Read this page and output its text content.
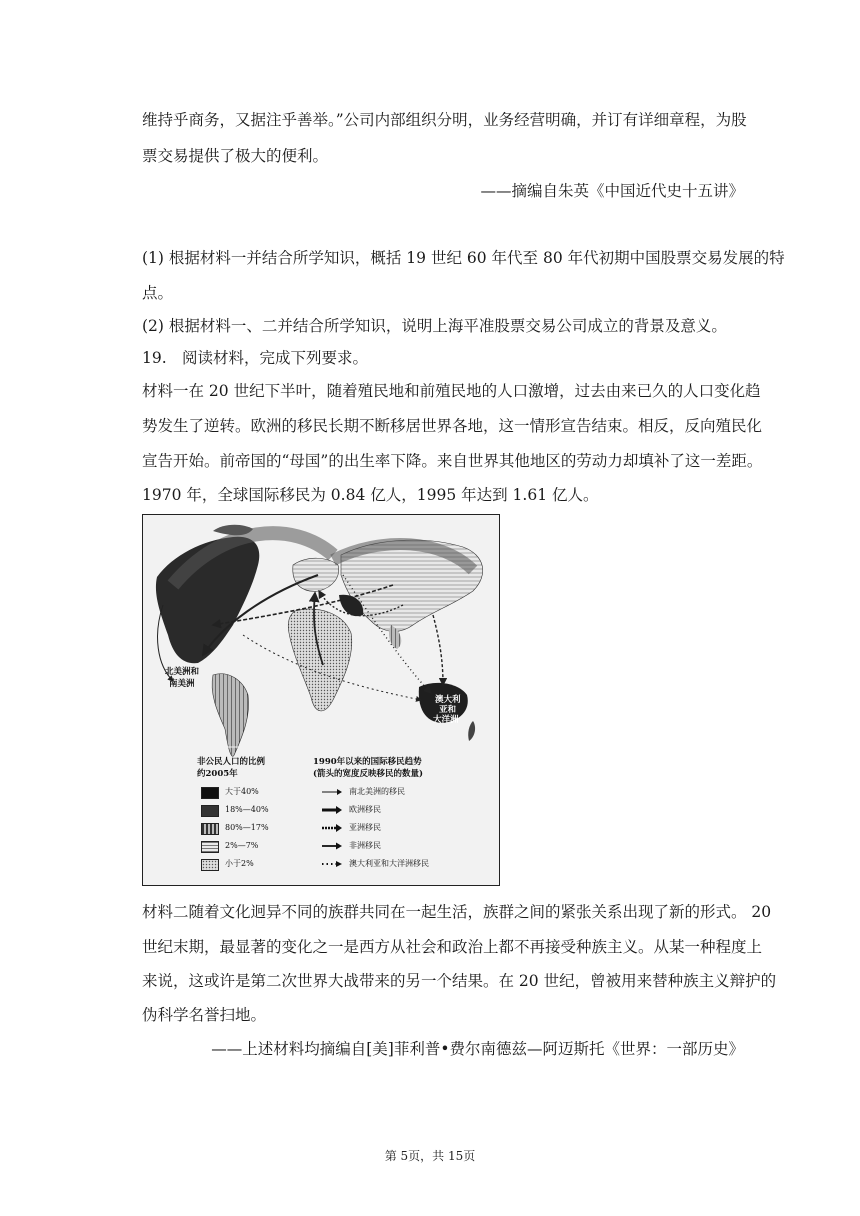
维持乎商务，又据注乎善举。”公司内部组织分明，业务经营明确，并订有详细章程，为股
票交易提供了极大的便利。
——摘编自朱英《中国近代史十五讲》
(1) 根据材料一并结合所学知识，概括 19 世纪 60 年代至 80 年代初期中国股票交易发展的特
点。
(2) 根据材料一、二并结合所学知识，说明上海平准股票交易公司成立的背景及意义。
19. 阅读材料，完成下列要求。
材料一在 20 世纪下半叶，随着殖民地和前殖民地的人口激增，过去由来已久的人口变化趋
势发生了逆转。欧洲的移民长期不断移居世界各地，这一情形宣告结束。相反，反向殖民化
宣告开始。前帝国的“母国”的出生率下降。来自世界其他地区的劳动力却填补了这一差距。
1970 年，全球国际移民为 0.84 亿人，1995 年达到 1.61 亿人。
北美洲和
南美洲
澳大利
亚和
大洋洲
非公民人口的比例
约2005年
大于40%
18%—40%
80%—17%
2%—7%
小于2%
1990年以来的国际移民趋势
(箭头的宽度反映移民的数量)
南北美洲的移民
欧洲移民
亚洲移民
非洲移民
澳大利亚和大洋洲移民
材料二随着文化迥异不同的族群共同在一起生活，族群之间的紧张关系出现了新的形式。 20
世纪末期，最显著的变化之一是西方从社会和政治上都不再接受种族主义。从某一种程度上
来说，这或许是第二次世界大战带来的另一个结果。在 20 世纪，曾被用来替种族主义辩护的
伪科学名誉扫地。
——上述材料均摘编自[美]菲利普•费尔南德兹—阿迈斯托《世界：一部历史》
第 5页，共 15页
